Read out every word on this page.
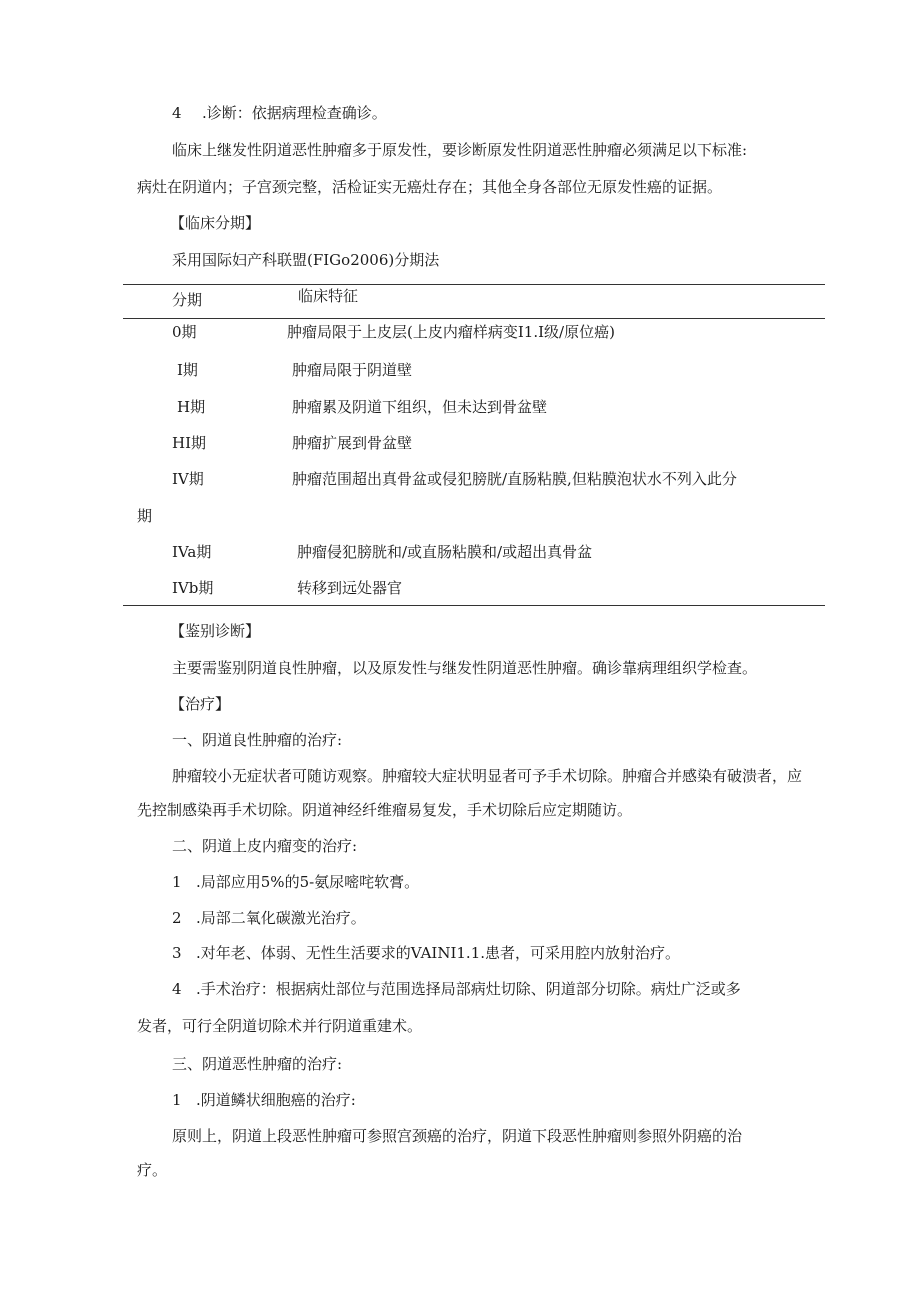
4 .诊断：依据病理检查确诊。
临床上继发性阴道恶性肿瘤多于原发性，要诊断原发性阴道恶性肿瘤必须满足以下标准:
病灶在阴道内；子宫颈完整，活检证实无癌灶存在；其他全身各部位无原发性癌的证据。
【临床分期】
采用国际妇产科联盟(FIGo2006)分期法
分期	临床特征
0期	肿瘤局限于上皮层(上皮内瘤样病变I1.I级/原位癌)
I期	肿瘤局限于阴道壁
H期	肿瘤累及阴道下组织，但未达到骨盆壁
HI期	肿瘤扩展到骨盆壁
IV期	肿瘤范围超出真骨盆或侵犯膀胱/直肠粘膜,但粘膜泡状水不列入此分
期
IVa期	肿瘤侵犯膀胱和/或直肠粘膜和/或超出真骨盆
IVb期	转移到远处器官
【鉴别诊断】
主要需鉴别阴道良性肿瘤，以及原发性与继发性阴道恶性肿瘤。确诊靠病理组织学检查。
【治疗】
一、阴道良性肿瘤的治疗:
肿瘤较小无症状者可随访观察。肿瘤较大症状明显者可予手术切除。肿瘤合并感染有破溃者，应
先控制感染再手术切除。阴道神经纤维瘤易复发，手术切除后应定期随访。
二、阴道上皮内瘤变的治疗:
1 .局部应用5%的5-氨尿嘧咤软膏。
2 .局部二氧化碳激光治疗。
3 .对年老、体弱、无性生活要求的VAINI1.1.患者，可采用腔内放射治疗。
4 .手术治疗：根据病灶部位与范围选择局部病灶切除、阴道部分切除。病灶广泛或多
发者，可行全阴道切除术并行阴道重建术。
三、阴道恶性肿瘤的治疗:
1 .阴道鳞状细胞癌的治疗:
原则上，阴道上段恶性肿瘤可参照宫颈癌的治疗，阴道下段恶性肿瘤则参照外阴癌的治
疗。
